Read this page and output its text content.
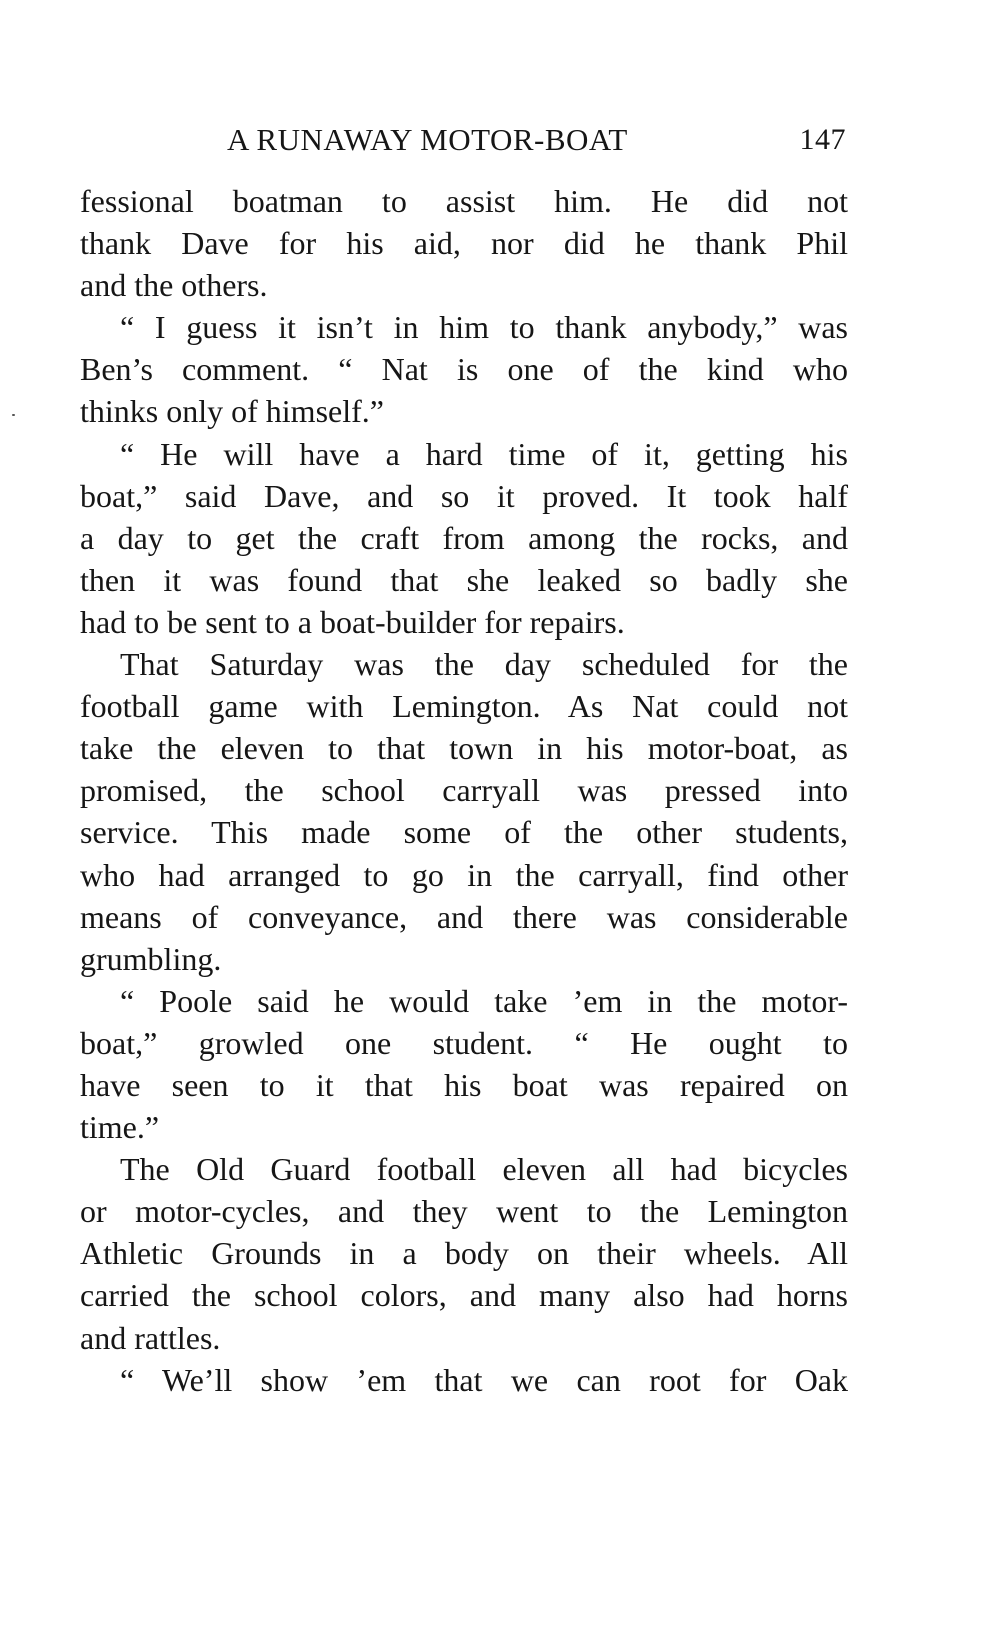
A RUNAWAY MOTOR-BOAT	147
fessional boatman to assist him. He did not
thank Dave for his aid, nor did he thank Phil
and the others.
“ I guess it isn’t in him to thank anybody,” was
Ben’s comment. “ Nat is one of the kind who
thinks only of himself.”
“ He will have a hard time of it, getting his
boat,” said Dave, and so it proved. It took half
a day to get the craft from among the rocks, and
then it was found that she leaked so badly she
had to be sent to a boat-builder for repairs.
That Saturday was the day scheduled for the
football game with Lemington. As Nat could not
take the eleven to that town in his motor-boat, as
promised, the school carryall was pressed into
service. This made some of the other students,
who had arranged to go in the carryall, find other
means of conveyance, and there was considerable
grumbling.
“ Poole said he would take ’em in the motor-
boat,” growled one student. “ He ought to
have seen to it that his boat was repaired on
time.”
The Old Guard football eleven all had bicycles
or motor-cycles, and they went to the Lemington
Athletic Grounds in a body on their wheels. All
carried the school colors, and many also had horns
and rattles.
“ We’ll show ’em that we can root for Oak
